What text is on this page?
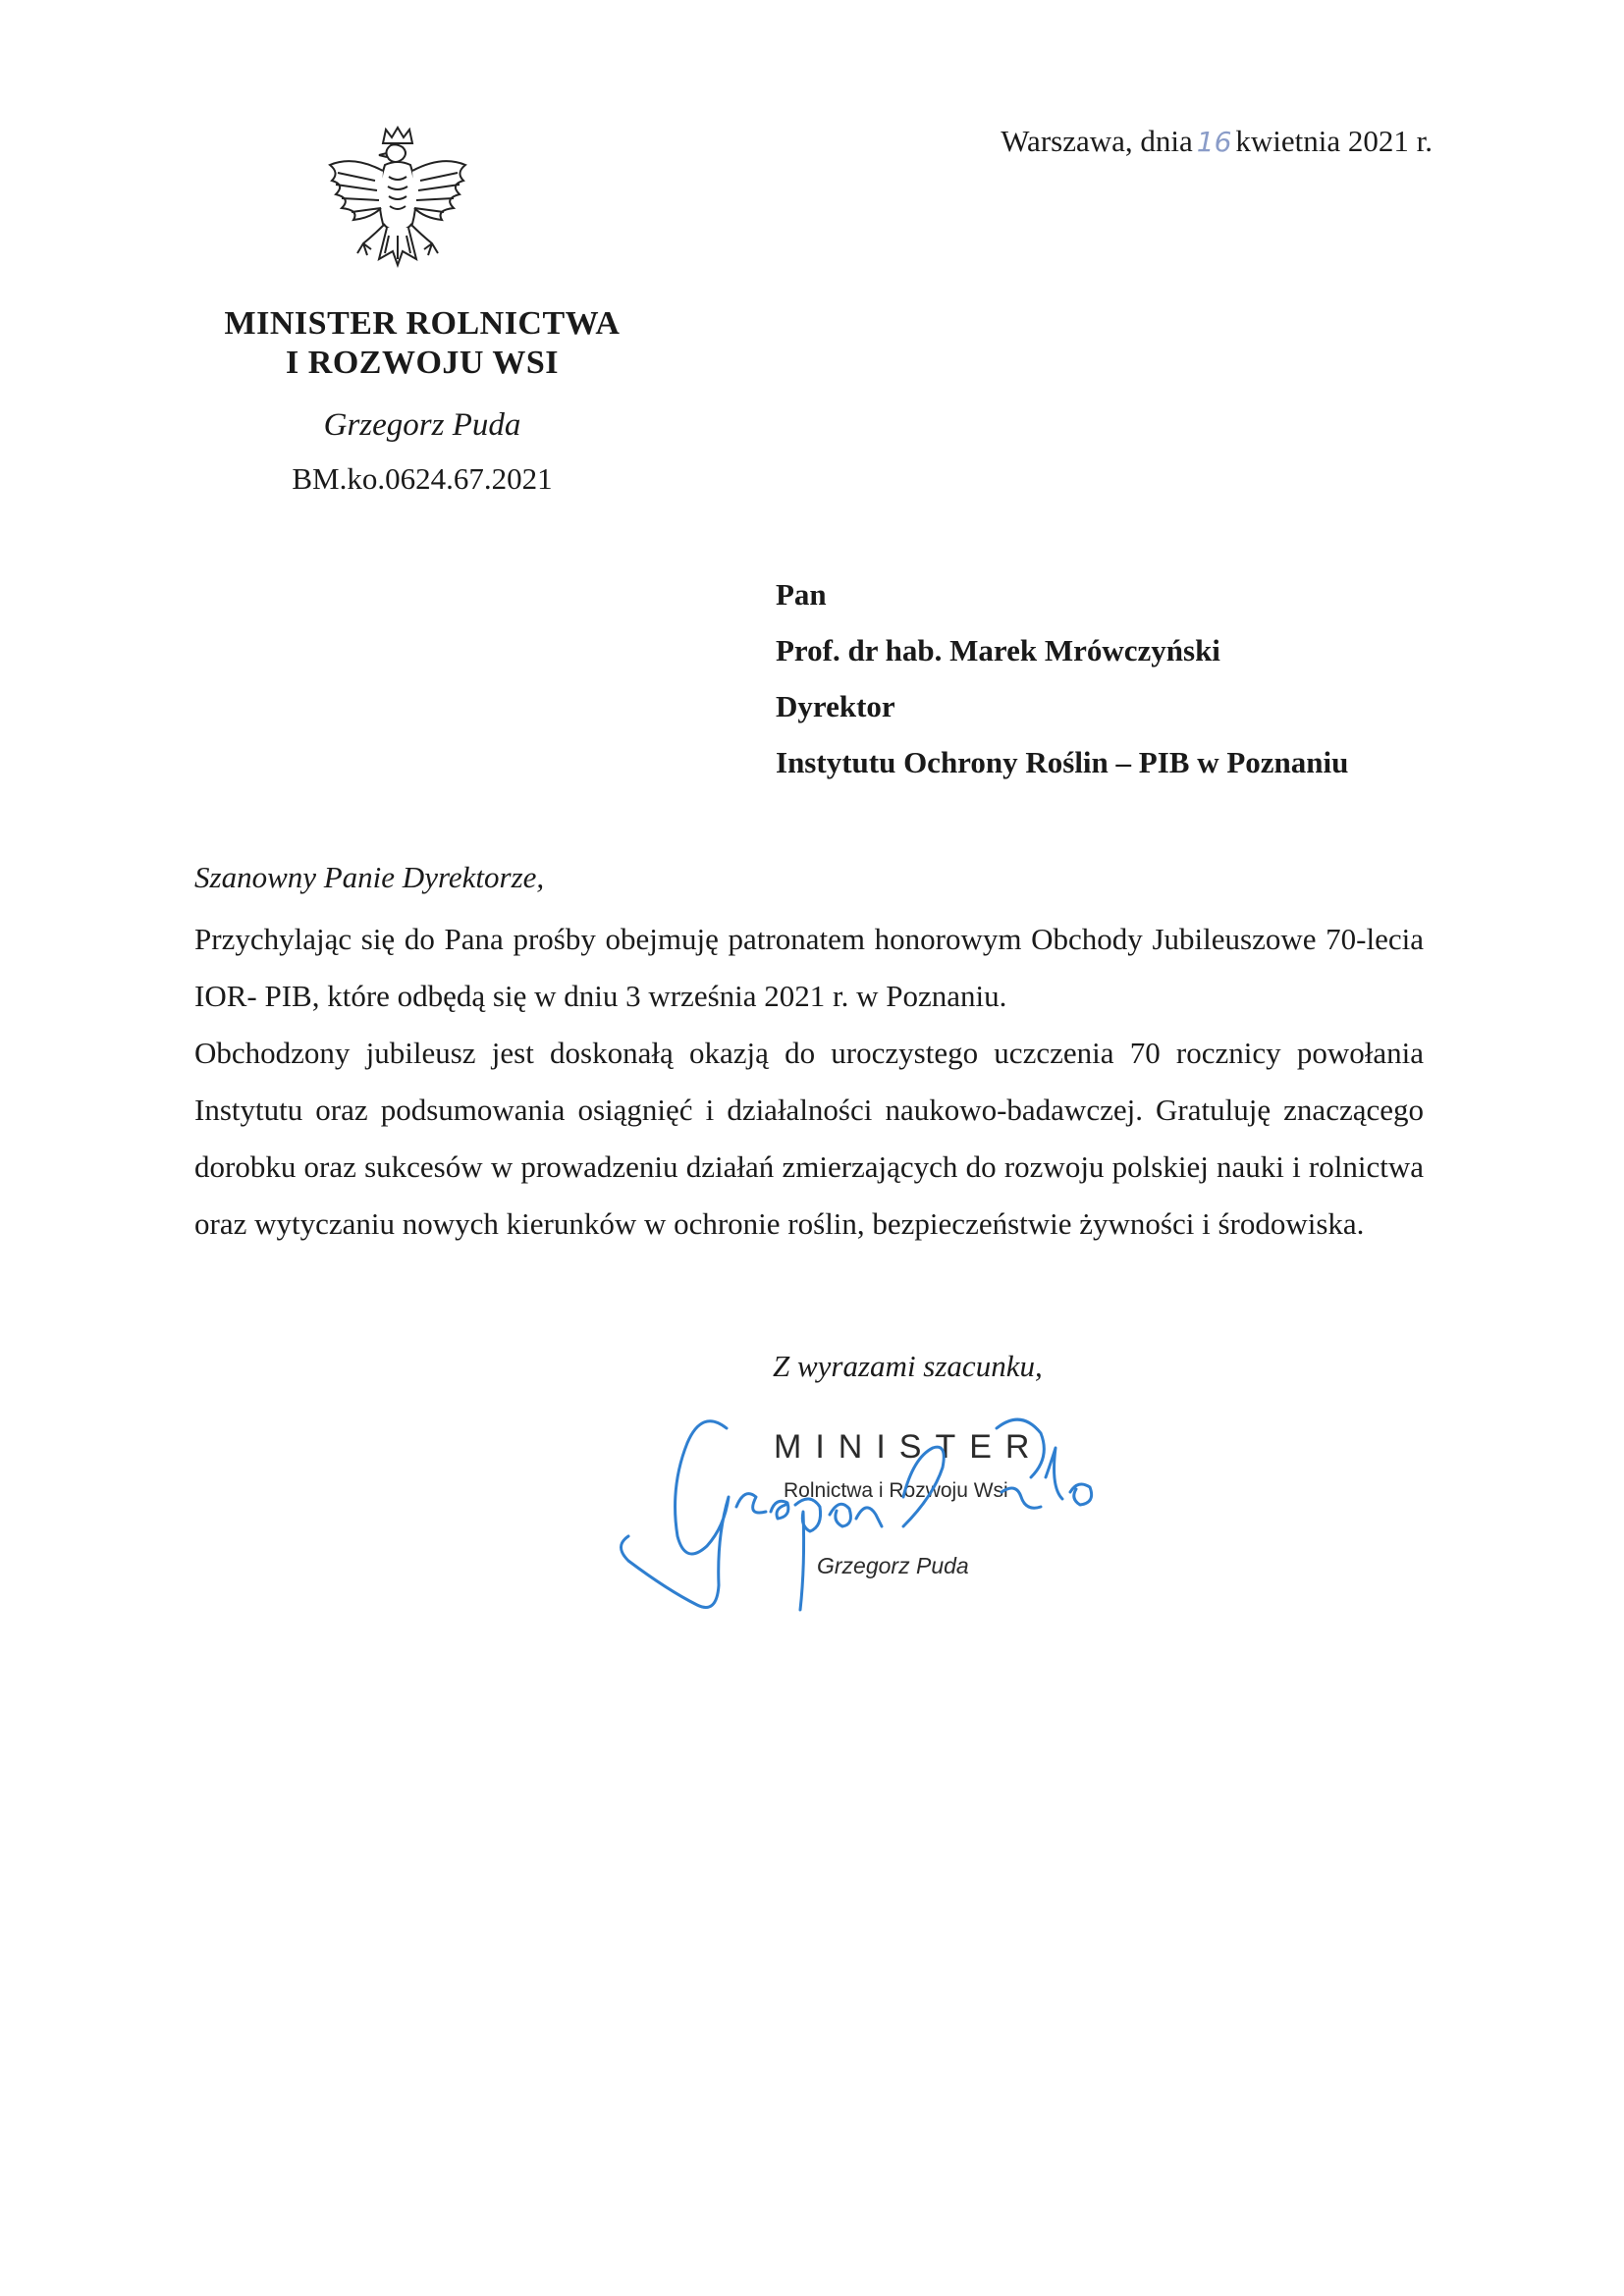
MINISTER ROLNICTWA
I ROZWOJU WSI
Grzegorz Puda
BM.ko.0624.67.2021
Warszawa, dnia 16 kwietnia 2021 r.
Pan
Prof. dr hab. Marek Mrówczyński
Dyrektor
Instytutu Ochrony Roślin – PIB w Poznaniu
Szanowny Panie Dyrektorze,
Przychylając się do Pana prośby obejmuję patronatem honorowym Obchody Jubileuszowe 70-lecia IOR- PIB, które odbędą się w dniu 3 września 2021 r. w Poznaniu.
Obchodzony jubileusz jest doskonałą okazją do uroczystego uczczenia 70 rocznicy powołania Instytutu oraz podsumowania osiągnięć i działalności naukowo-badawczej. Gratuluję znaczącego dorobku oraz sukcesów w prowadzeniu działań zmierzających do rozwoju polskiej nauki i rolnictwa oraz wytyczaniu nowych kierunków w ochronie roślin, bezpieczeństwie żywności i środowiska.
Z wyrazami szacunku,
MINISTER
Rolnictwa i Rozwoju Wsi
Grzegorz Puda
